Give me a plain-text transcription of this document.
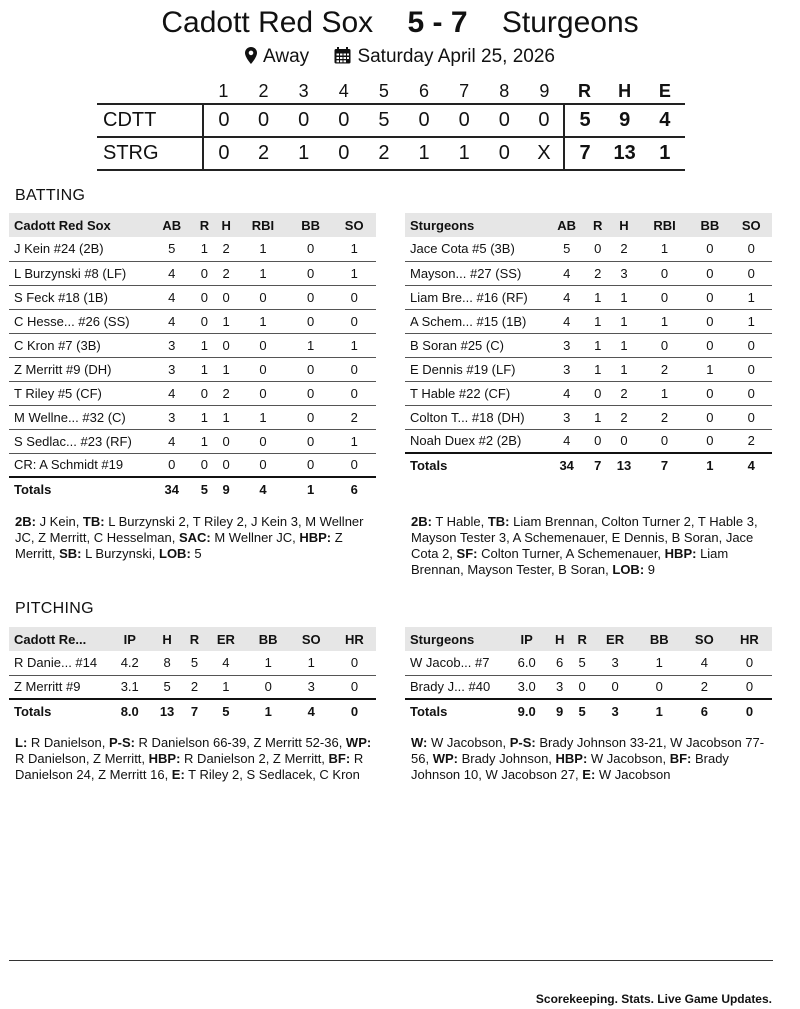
Cadott Red Sox 5 - 7 Sturgeons
Away	Saturday April 25, 2026
	1	2	3	4	5	6	7	8	9	R	H	E
CDTT	0	0	0	0	5	0	0	0	0	5	9	4
STRG	0	2	1	0	2	1	1	0	X	7	13	1
BATTING
Cadott Red Sox	AB	R	H	RBI	BB	SO
J Kein #24 (2B)	5	1	2	1	0	1
L Burzynski #8 (LF)	4	0	2	1	0	1
S Feck #18 (1B)	4	0	0	0	0	0
C Hesse... #26 (SS)	4	0	1	1	0	0
C Kron #7 (3B)	3	1	0	0	1	1
Z Merritt #9 (DH)	3	1	1	0	0	0
T Riley #5 (CF)	4	0	2	0	0	0
M Wellne... #32 (C)	3	1	1	1	0	2
S Sedlac... #23 (RF)	4	1	0	0	0	1
CR: A Schmidt #19	0	0	0	0	0	0
Totals	34	5	9	4	1	6
Sturgeons	AB	R	H	RBI	BB	SO
Jace Cota #5 (3B)	5	0	2	1	0	0
Mayson... #27 (SS)	4	2	3	0	0	0
Liam Bre... #16 (RF)	4	1	1	0	0	1
A Schem... #15 (1B)	4	1	1	1	0	1
B Soran #25 (C)	3	1	1	0	0	0
E Dennis #19 (LF)	3	1	1	2	1	0
T Hable #22 (CF)	4	0	2	1	0	0
Colton T... #18 (DH)	3	1	2	2	0	0
Noah Duex #2 (2B)	4	0	0	0	0	2
Totals	34	7	13	7	1	4
2B: J Kein, TB: L Burzynski 2, T Riley 2, J Kein 3, M Wellner JC, Z Merritt, C Hesselman, SAC: M Wellner JC, HBP: Z Merritt, SB: L Burzynski, LOB: 5
2B: T Hable, TB: Liam Brennan, Colton Turner 2, T Hable 3, Mayson Tester 3, A Schemenauer, E Dennis, B Soran, Jace Cota 2, SF: Colton Turner, A Schemenauer, HBP: Liam Brennan, Mayson Tester, B Soran, LOB: 9
PITCHING
Cadott Re...	IP	H	R	ER	BB	SO	HR
R Danie... #14	4.2	8	5	4	1	1	0
Z Merritt #9	3.1	5	2	1	0	3	0
Totals	8.0	13	7	5	1	4	0
Sturgeons	IP	H	R	ER	BB	SO	HR
W Jacob... #7	6.0	6	5	3	1	4	0
Brady J... #40	3.0	3	0	0	0	2	0
Totals	9.0	9	5	3	1	6	0
L: R Danielson, P-S: R Danielson 66-39, Z Merritt 52-36, WP: R Danielson, Z Merritt, HBP: R Danielson 2, Z Merritt, BF: R Danielson 24, Z Merritt 16, E: T Riley 2, S Sedlacek, C Kron
W: W Jacobson, P-S: Brady Johnson 33-21, W Jacobson 77-56, WP: Brady Johnson, HBP: W Jacobson, BF: Brady Johnson 10, W Jacobson 27, E: W Jacobson
Scorekeeping. Stats. Live Game Updates.
